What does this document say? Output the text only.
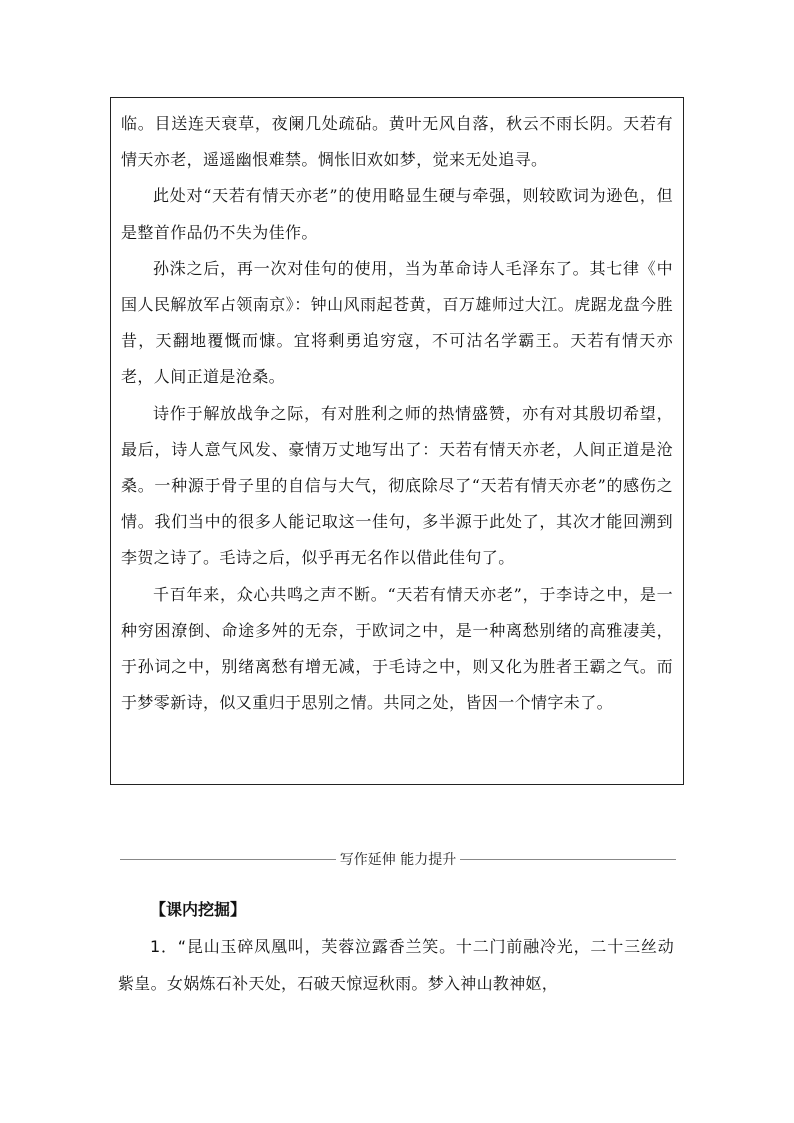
临。目送连天衰草，夜阑几处疏砧。黄叶无风自落，秋云不雨长阴。天若有情天亦老，遥遥幽恨难禁。惆怅旧欢如梦，觉来无处追寻。

此处对“天若有情天亦老”的使用略显生硬与牵强，则较欧词为逊色，但是整首作品仍不失为佳作。

孙洙之后，再一次对佳句的使用，当为革命诗人毛泽东了。其七律《中国人民解放军占领南京》：钟山风雨起苍黄，百万雄师过大江。虎踞龙盘今胜昔，天翻地覆慨而慷。宜将剩勇追穷寇，不可沽名学霸王。天若有情天亦老，人间正道是沧桑。

诗作于解放战争之际，有对胜利之师的热情盛赞，亦有对其殷切希望，最后，诗人意气风发、豪情万丈地写出了：天若有情天亦老，人间正道是沧桑。一种源于骨子里的自信与大气，彻底除尽了“天若有情天亦老”的感伤之情。我们当中的很多人能记取这一佳句，多半源于此处了，其次才能回溯到李贺之诗了。毛诗之后，似乎再无名作以借此佳句了。

千百年来，众心共鸣之声不断。“天若有情天亦老”，于李诗之中，是一种穷困潦倒、命途多舛的无奈，于欧词之中，是一种离愁别绪的高雅凄美，于孙词之中，别绪离愁有增无减，于毛诗之中，则又化为胜者王霸之气。而于梦零新诗，似又重归于思别之情。共同之处，皆因一个情字未了。

写作延伸 能力提升
【课内挖掘】

1．“昆山玉碎凤凰叫，芙蓉泣露香兰笑。十二门前融冷光，二十三丝动紫皇。女娲炼石补天处，石破天惊逗秋雨。梦入神山教神妪，
